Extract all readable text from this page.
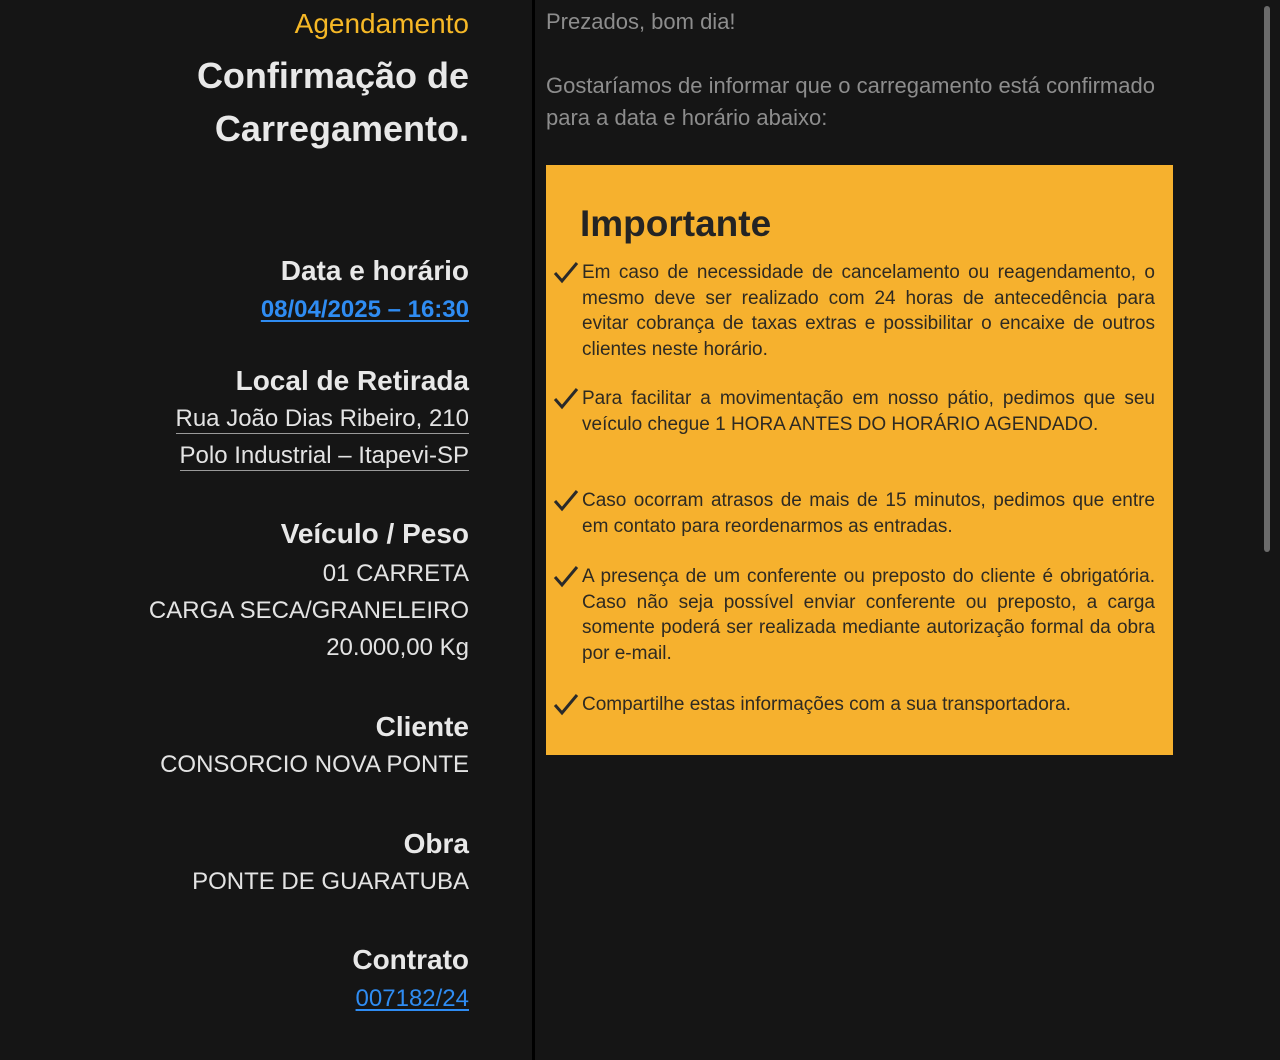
Agendamento
Confirmação de
Carregamento.
Data e horário
08/04/2025 – 16:30
Local de Retirada
Rua João Dias Ribeiro, 210
Polo Industrial – Itapevi-SP
Veículo / Peso
01 CARRETA
CARGA SECA/GRANELEIRO
20.000,00 Kg
Cliente
CONSORCIO NOVA PONTE
Obra
PONTE DE GUARATUBA
Contrato
007182/24
Prezados, bom dia!
Gostaríamos de informar que o carregamento está confirmado
para a data e horário abaixo:
Importante
Em caso de necessidade de cancelamento ou reagendamento, o mesmo deve ser realizado com 24 horas de antecedência para evitar cobrança de taxas extras e possibilitar o encaixe de outros clientes neste horário.
Para facilitar a movimentação em nosso pátio, pedimos que seu veículo chegue 1 HORA ANTES DO HORÁRIO AGENDADO.
Caso ocorram atrasos de mais de 15 minutos, pedimos que entre em contato para reordenarmos as entradas.
A presença de um conferente ou preposto do cliente é obrigatória. Caso não seja possível enviar conferente ou preposto, a carga somente poderá ser realizada mediante autorização formal da obra por e-mail.
Compartilhe estas informações com a sua transportadora.
